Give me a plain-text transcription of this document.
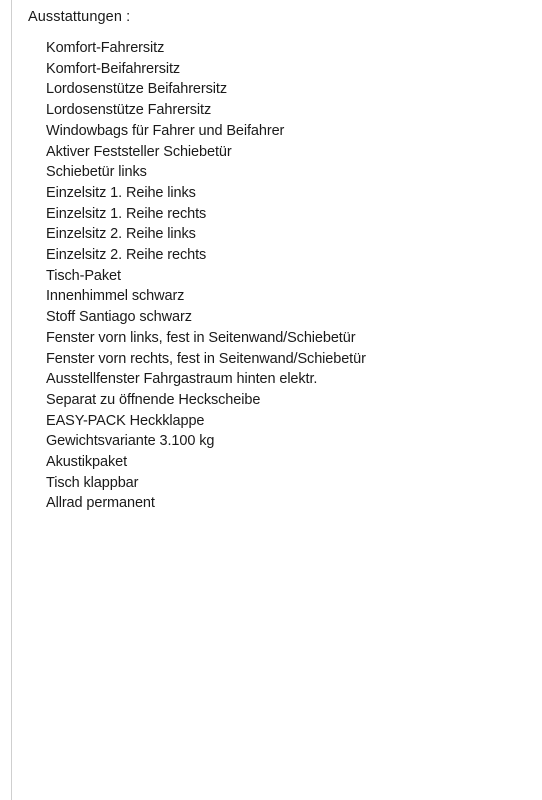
Ausstattungen :
Komfort-Fahrersitz
Komfort-Beifahrersitz
Lordosenstütze Beifahrersitz
Lordosenstütze Fahrersitz
Windowbags für Fahrer und Beifahrer
Aktiver Feststeller Schiebetür
Schiebetür links
Einzelsitz 1. Reihe links
Einzelsitz 1. Reihe rechts
Einzelsitz 2. Reihe links
Einzelsitz 2. Reihe rechts
Tisch-Paket
Innenhimmel schwarz
Stoff Santiago schwarz
Fenster vorn links, fest in Seitenwand/Schiebetür
Fenster vorn rechts, fest in Seitenwand/Schiebetür
Ausstellfenster Fahrgastraum hinten elektr.
Separat zu öffnende Heckscheibe
EASY-PACK Heckklappe
Gewichtsvariante 3.100 kg
Akustikpaket
Tisch klappbar
Allrad permanent
